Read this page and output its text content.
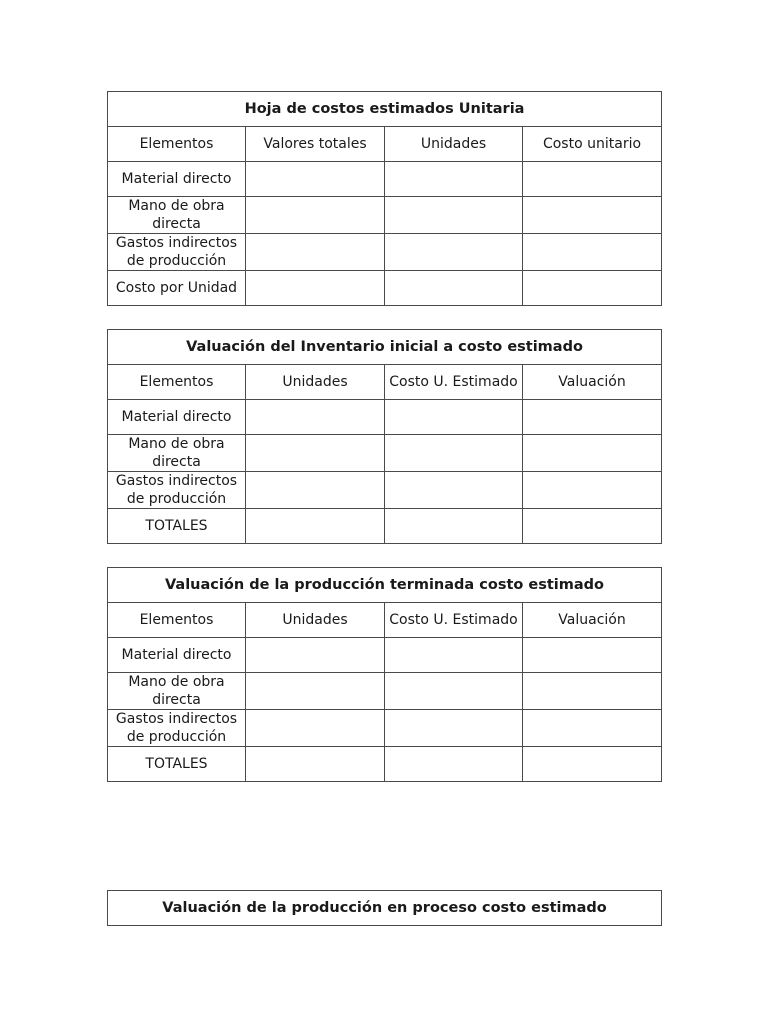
Hoja de costos estimados Unitaria			
Elementos	Valores totales	Unidades	Costo unitario
Material directo			
Mano de obra directa			
Gastos indirectos de producción			
Costo por Unidad			
Valuación del Inventario inicial a costo estimado			
Elementos	Unidades	Costo U. Estimado	Valuación
Material directo			
Mano de obra directa			
Gastos indirectos de producción			
TOTALES			
Valuación de la producción terminada costo estimado			
Elementos	Unidades	Costo U. Estimado	Valuación
Material directo			
Mano de obra directa			
Gastos indirectos de producción			
TOTALES			
Valuación de la producción en proceso costo estimado
